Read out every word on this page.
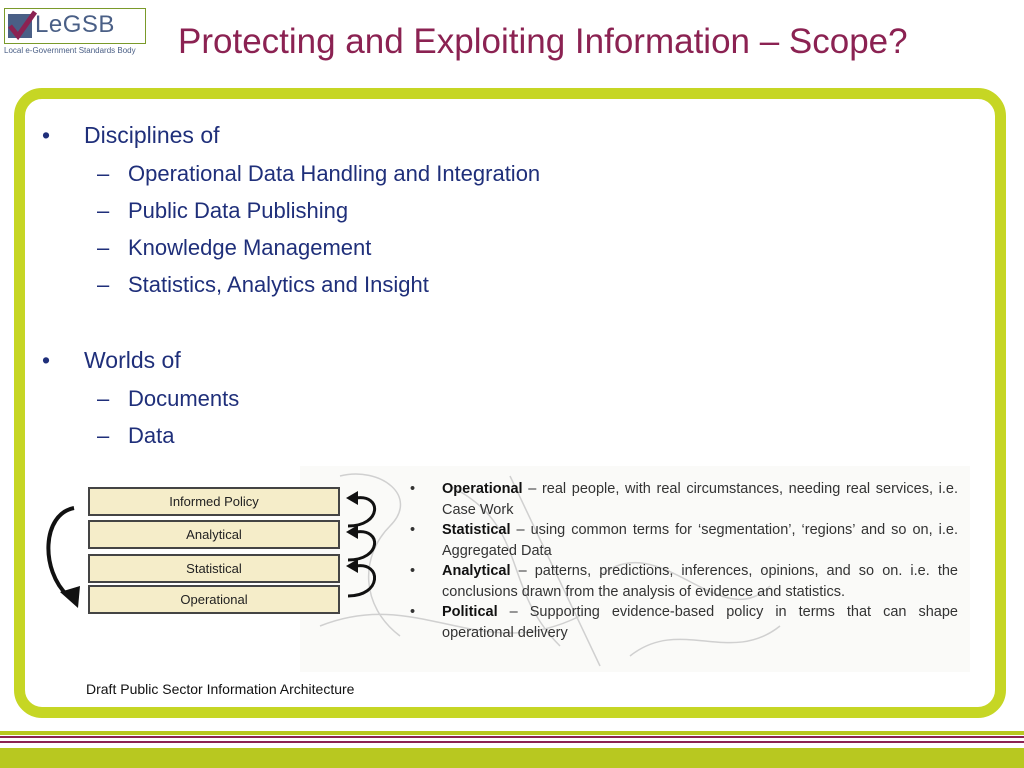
LeGSB
Local e-Government Standards Body Protecting and Exploiting Information – Scope?
• Disciplines of
– Operational Data Handling and Integration
– Public Data Publishing
– Knowledge Management
– Statistics, Analytics and Insight
• Worlds of
– Documents
– Data
Informed Policy
Analytical
Statistical
Operational
• Operational – real people, with real circumstances, needing real services, i.e. Case Work
• Statistical – using common terms for ‘segmentation’, ‘regions’ and so on, i.e. Aggregated Data
• Analytical – patterns, predictions, inferences, opinions, and so on. i.e. the conclusions drawn from the analysis of evidence and statistics.
• Political – Supporting evidence-based policy in terms that can shape operational delivery
Draft Public Sector Information Architecture
